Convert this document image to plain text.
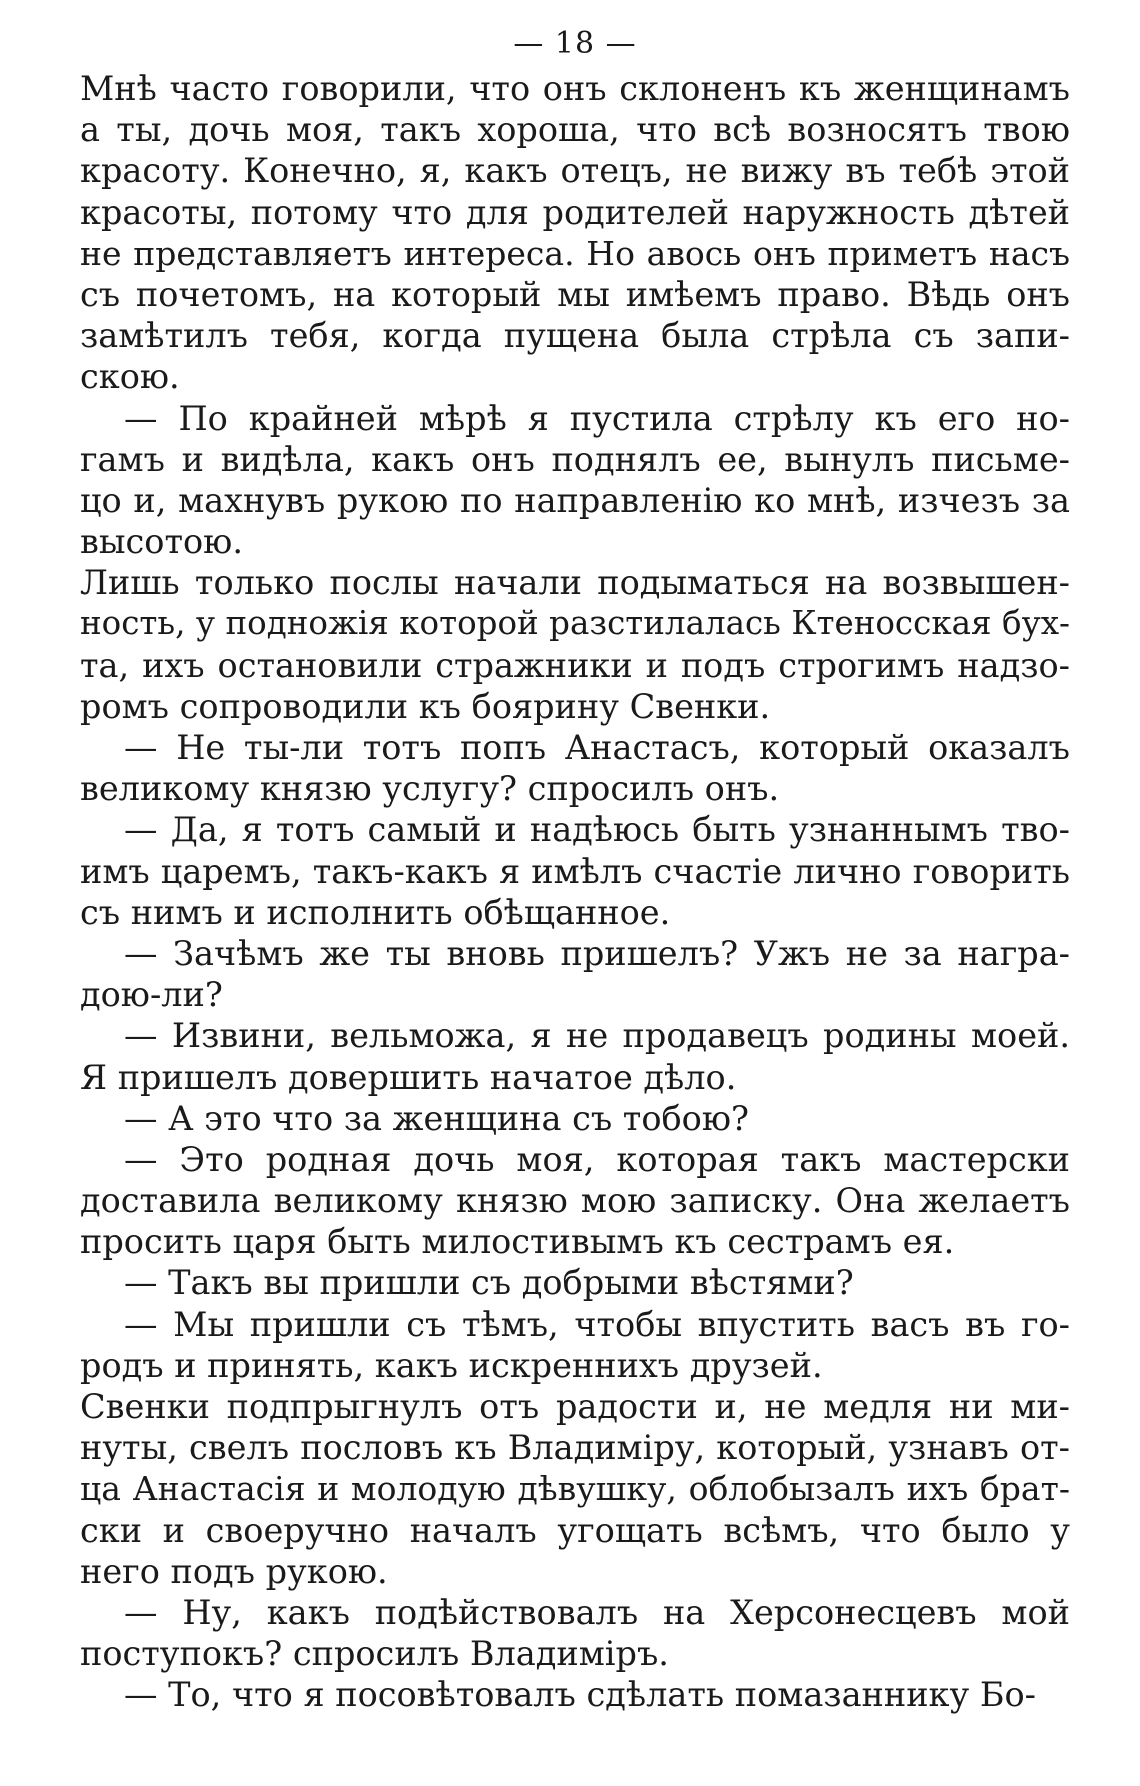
— 18 —
Мнѣ часто говорили, что онъ склоненъ къ женщинамъ
а ты, дочь моя, такъ хороша, что всѣ возносятъ твою
красоту. Конечно, я, какъ отецъ, не вижу въ тебѣ этой
красоты, потому что для родителей наружность дѣтей
не представляетъ интереса. Но авось онъ приметъ насъ
съ почетомъ, на который мы имѣемъ право. Вѣдь онъ
замѣтилъ тебя, когда пущена была стрѣла съ запи-
скою.
— По крайней мѣрѣ я пустила стрѣлу къ его но-
гамъ и видѣла, какъ онъ поднялъ ее, вынулъ письме-
цо и, махнувъ рукою по направленію ко мнѣ, изчезъ за
высотою.
Лишь только послы начали подыматься на возвышен-
ность, у подножія которой разстилалась Ктеносская бух-
та, ихъ остановили стражники и подъ строгимъ надзо-
ромъ сопроводили къ боярину Свенки.
— Не ты-ли тотъ попъ Анастасъ, который оказалъ
великому князю услугу? спросилъ онъ.
— Да, я тотъ самый и надѣюсь быть узнаннымъ тво-
имъ царемъ, такъ-какъ я имѣлъ счастіе лично говорить
съ нимъ и исполнить обѣщанное.
— Зачѣмъ же ты вновь пришелъ? Ужъ не за награ-
дою-ли?
— Извини, вельможа, я не продавецъ родины моей.
Я пришелъ довершить начатое дѣло.
— А это что за женщина съ тобою?
— Это родная дочь моя, которая такъ мастерски
доставила великому князю мою записку. Она желаетъ
просить царя быть милостивымъ къ сестрамъ ея.
— Такъ вы пришли съ добрыми вѣстями?
— Мы пришли съ тѣмъ, чтобы впустить васъ въ го-
родъ и принять, какъ искреннихъ друзей.
Свенки подпрыгнулъ отъ радости и, не медля ни ми-
нуты, свелъ пословъ къ Владиміру, который, узнавъ от-
ца Анастасія и молодую дѣвушку, облобызалъ ихъ брат-
ски и своеручно началъ угощать всѣмъ, что было у
него подъ рукою.
— Ну, какъ подѣйствовалъ на Херсонесцевъ мой
поступокъ? спросилъ Владиміръ.
— То, что я посовѣтовалъ сдѣлать помазаннику Бо-
